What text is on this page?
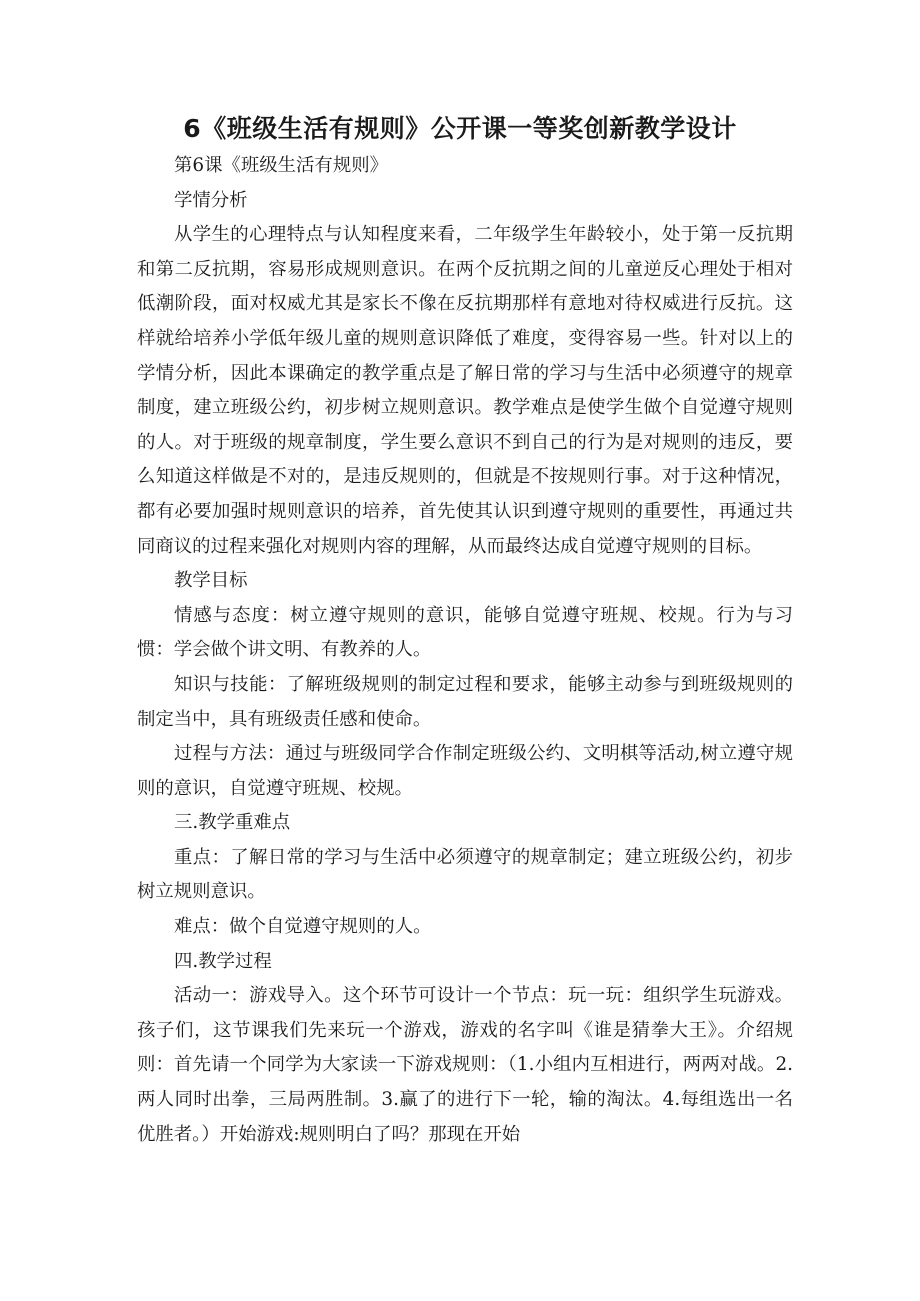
6《班级生活有规则》公开课一等奖创新教学设计

第6课《班级生活有规则》

学情分析

从学生的心理特点与认知程度来看，二年级学生年龄较小，处于第一反抗期和第二反抗期，容易形成规则意识。在两个反抗期之间的儿童逆反心理处于相对低潮阶段，面对权威尤其是家长不像在反抗期那样有意地对待权威进行反抗。这样就给培养小学低年级儿童的规则意识降低了难度，变得容易一些。针对以上的学情分析，因此本课确定的教学重点是了解日常的学习与生活中必须遵守的规章制度，建立班级公约，初步树立规则意识。教学难点是使学生做个自觉遵守规则的人。对于班级的规章制度，学生要么意识不到自己的行为是对规则的违反，要么知道这样做是不对的，是违反规则的，但就是不按规则行事。对于这种情况，都有必要加强时规则意识的培养，首先使其认识到遵守规则的重要性，再通过共同商议的过程来强化对规则内容的理解，从而最终达成自觉遵守规则的目标。

教学目标

情感与态度：树立遵守规则的意识，能够自觉遵守班规、校规。行为与习惯：学会做个讲文明、有教养的人。

知识与技能：了解班级规则的制定过程和要求，能够主动参与到班级规则的制定当中，具有班级责任感和使命。

过程与方法：通过与班级同学合作制定班级公约、文明棋等活动,树立遵守规则的意识，自觉遵守班规、校规。

三.教学重难点

重点：了解日常的学习与生活中必须遵守的规章制定；建立班级公约，初步树立规则意识。

难点：做个自觉遵守规则的人。

四.教学过程

活动一：游戏导入。这个环节可设计一个节点：玩一玩：组织学生玩游戏。孩子们，这节课我们先来玩一个游戏，游戏的名字叫《谁是猜拳大王》。介绍规则：首先请一个同学为大家读一下游戏规则：（1.小组内互相进行，两两对战。2.两人同时出拳，三局两胜制。3.赢了的进行下一轮，输的淘汰。4.每组选出一名优胜者。）开始游戏:规则明白了吗？那现在开始
